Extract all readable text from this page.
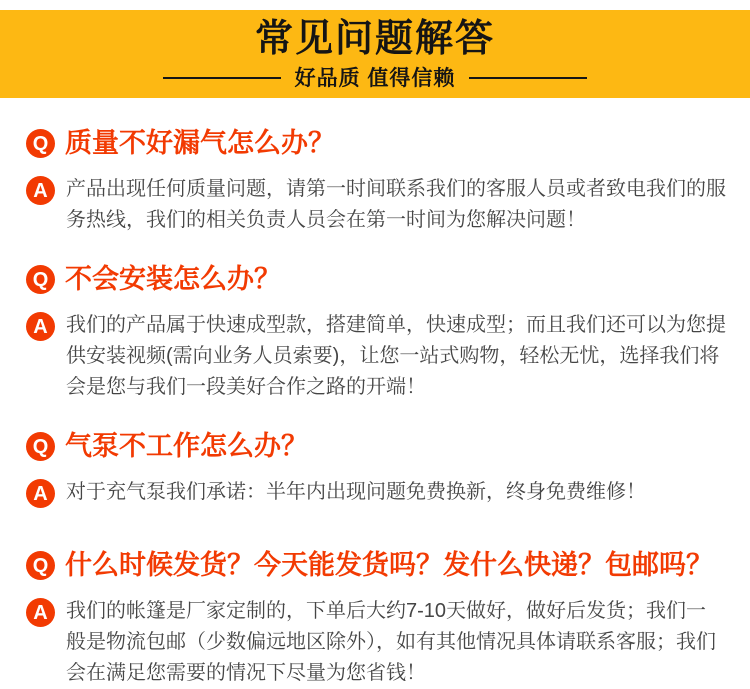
常见问题解答
好品质 值得信赖
Q 质量不好漏气怎么办？
A 产品出现任何质量问题，请第一时间联系我们的客服人员或者致电我们的服务热线，我们的相关负责人员会在第一时间为您解决问题！

Q 不会安装怎么办？
A 我们的产品属于快速成型款，搭建简单，快速成型；而且我们还可以为您提供安装视频(需向业务人员索要)，让您一站式购物，轻松无忧，选择我们将会是您与我们一段美好合作之路的开端！

Q 气泵不工作怎么办？
A 对于充气泵我们承诺：半年内出现问题免费换新，终身免费维修！

Q 什么时候发货？今天能发货吗？发什么快递？包邮吗？
A 我们的帐篷是厂家定制的，下单后大约7-10天做好，做好后发货；我们一般是物流包邮（少数偏远地区除外），如有其他情况具体请联系客服；我们会在满足您需要的情况下尽量为您省钱！
